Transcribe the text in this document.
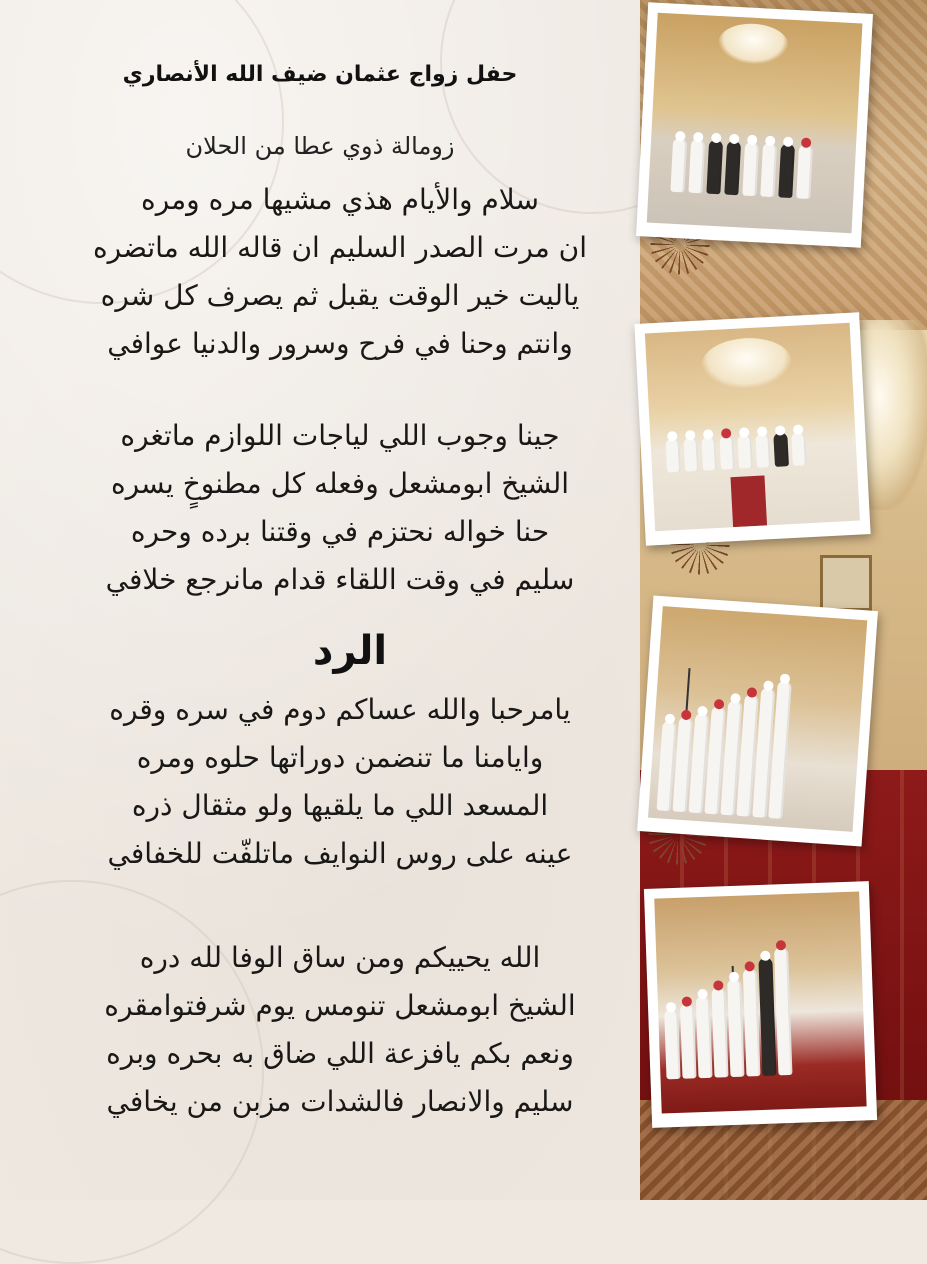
حفل زواج عثمان ضيف الله الأنصاري
زومالة ذوي عطا من الحلان
سلام والأيام هذي مشيها مره ومره
ان مرت الصدر السليم ان قاله الله ماتضره
ياليت خير الوقت يقبل ثم يصرف كل شره
وانتم وحنا في فرح وسرور والدنيا عوافي
جينا وجوب اللي لياجات اللوازم ماتغره
الشيخ ابومشعل وفعله كل مطنوخٍ يسره
حنا خواله نحتزم في وقتنا برده وحره
سليم في وقت اللقاء قدام مانرجع خلافي
الرد
يامرحبا والله عساكم دوم في سره وقره
وايامنا ما تنضمن دوراتها حلوه ومره
المسعد اللي ما يلقيها ولو مثقال ذره
عينه على روس النوايف ماتلفّت للخفافي
الله يحييكم ومن ساق الوفا لله دره
الشيخ ابومشعل تنومس يوم شرفتوامقره
ونعم بكم يافزعة اللي ضاق به بحره وبره
سليم والانصار فالشدات مزبن من يخافي
